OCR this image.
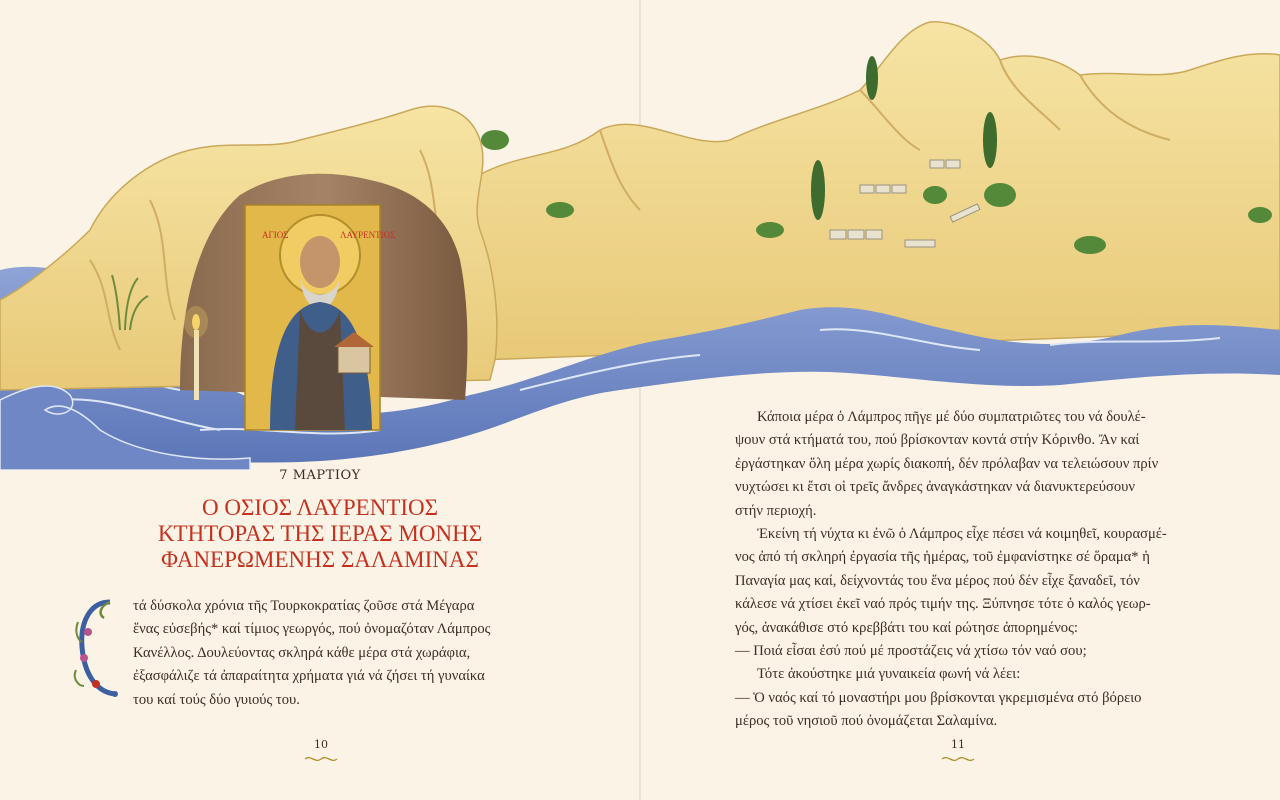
ΑΓΙΟΣ	ΛΑΥΡΕΝΤΙΟΣ
7 ΜΑΡΤΙΟΥ
Ο ΟΣΙΟΣ ΛΑΥΡΕΝΤΙΟΣ
ΚΤΗΤΟΡΑΣ ΤΗΣ ΙΕΡΑΣ ΜΟΝΗΣ
ΦΑΝΕΡΩΜΕΝΗΣ ΣΑΛΑΜΙΝΑΣ
τά δύσκολα χρόνια τῆς Τουρκοκρατίας ζοῦσε στά Μέγαρα
ἕνας εὐσεβής* καί τίμιος γεωργός, πού ὀνομαζόταν Λάμπρος
Κανέλλος. Δουλεύοντας σκληρά κάθε μέρα στά χωράφια,
ἐξασφάλιζε τά ἀπαραίτητα χρήματα γιά νά ζήσει τή γυναίκα
του καί τούς δύο γυιούς του.
Κάποια μέρα ὁ Λάμπρος πῆγε μέ δύο συμπατριῶτες του νά δουλέ-
ψουν στά κτήματά του, πού βρίσκονταν κοντά στήν Κόρινθο. Ἄν καί
ἐργάστηκαν ὅλη μέρα χωρίς διακοπή, δέν πρόλαβαν να τελειώσουν πρίν
νυχτώσει κι ἔτσι οἱ τρεῖς ἄνδρες ἀναγκάστηκαν νά διανυκτερεύσουν
στήν περιοχή.
Ἐκείνη τή νύχτα κι ἐνῶ ὁ Λάμπρος εἶχε πέσει νά κοιμηθεῖ, κουρασμέ-
νος ἀπό τή σκληρή ἐργασία τῆς ἡμέρας, τοῦ ἐμφανίστηκε σέ ὅραμα* ἡ
Παναγία μας καί, δείχνοντάς του ἕνα μέρος πού δέν εἶχε ξαναδεῖ, τόν
κάλεσε νά χτίσει ἐκεῖ ναό πρός τιμήν της. Ξύπνησε τότε ὁ καλός γεωρ-
γός, ἀνακάθισε στό κρεββάτι του καί ρώτησε ἀπορημένος:
— Ποιά εἶσαι ἐσύ πού μέ προστάζεις νά χτίσω τόν ναό σου;
Τότε ἀκούστηκε μιά γυναικεία φωνή νά λέει:
— Ὁ ναός καί τό μοναστήρι μου βρίσκονται γκρεμισμένα στό βόρειο
μέρος τοῦ νησιοῦ πού ὀνομάζεται Σαλαμίνα.
10	11
